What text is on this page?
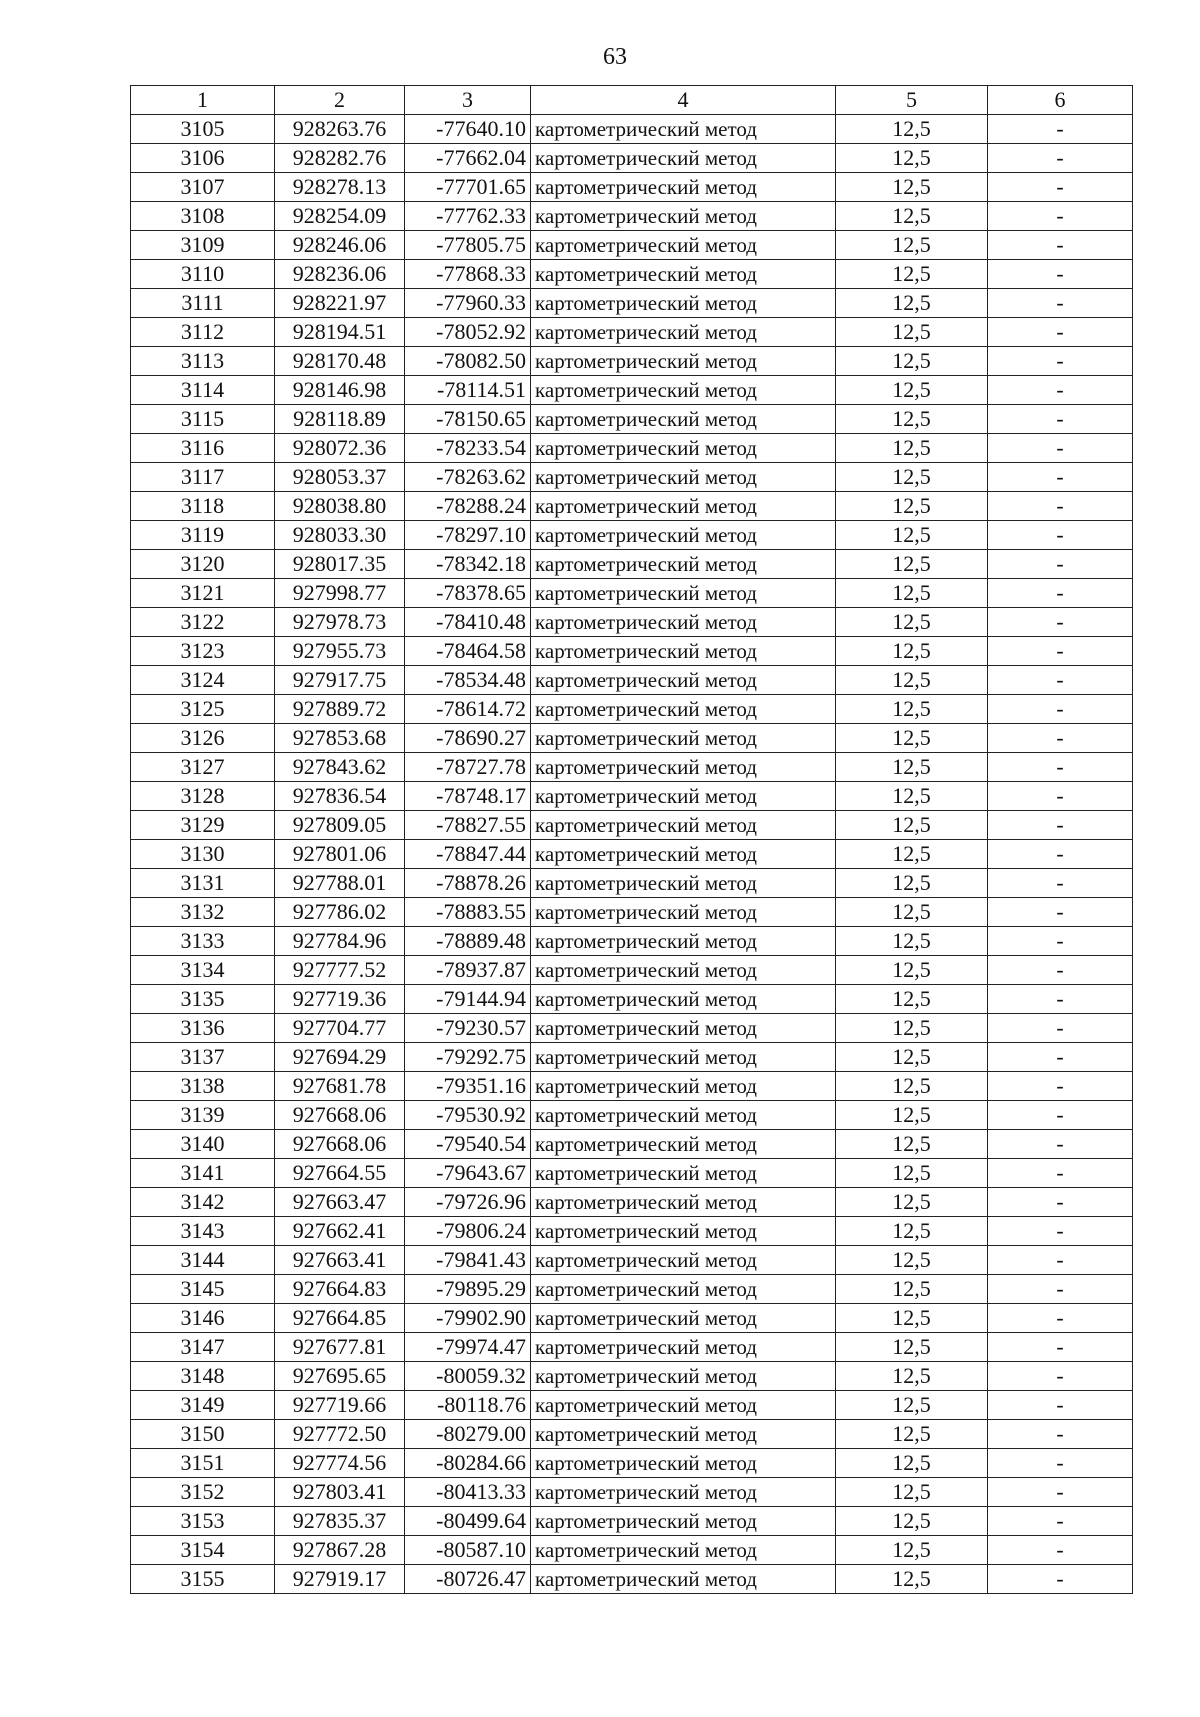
63
1	2	3	4	5	6
3105	928263.76	-77640.10	картометрический метод	12,5	-
3106	928282.76	-77662.04	картометрический метод	12,5	-
3107	928278.13	-77701.65	картометрический метод	12,5	-
3108	928254.09	-77762.33	картометрический метод	12,5	-
3109	928246.06	-77805.75	картометрический метод	12,5	-
3110	928236.06	-77868.33	картометрический метод	12,5	-
3111	928221.97	-77960.33	картометрический метод	12,5	-
3112	928194.51	-78052.92	картометрический метод	12,5	-
3113	928170.48	-78082.50	картометрический метод	12,5	-
3114	928146.98	-78114.51	картометрический метод	12,5	-
3115	928118.89	-78150.65	картометрический метод	12,5	-
3116	928072.36	-78233.54	картометрический метод	12,5	-
3117	928053.37	-78263.62	картометрический метод	12,5	-
3118	928038.80	-78288.24	картометрический метод	12,5	-
3119	928033.30	-78297.10	картометрический метод	12,5	-
3120	928017.35	-78342.18	картометрический метод	12,5	-
3121	927998.77	-78378.65	картометрический метод	12,5	-
3122	927978.73	-78410.48	картометрический метод	12,5	-
3123	927955.73	-78464.58	картометрический метод	12,5	-
3124	927917.75	-78534.48	картометрический метод	12,5	-
3125	927889.72	-78614.72	картометрический метод	12,5	-
3126	927853.68	-78690.27	картометрический метод	12,5	-
3127	927843.62	-78727.78	картометрический метод	12,5	-
3128	927836.54	-78748.17	картометрический метод	12,5	-
3129	927809.05	-78827.55	картометрический метод	12,5	-
3130	927801.06	-78847.44	картометрический метод	12,5	-
3131	927788.01	-78878.26	картометрический метод	12,5	-
3132	927786.02	-78883.55	картометрический метод	12,5	-
3133	927784.96	-78889.48	картометрический метод	12,5	-
3134	927777.52	-78937.87	картометрический метод	12,5	-
3135	927719.36	-79144.94	картометрический метод	12,5	-
3136	927704.77	-79230.57	картометрический метод	12,5	-
3137	927694.29	-79292.75	картометрический метод	12,5	-
3138	927681.78	-79351.16	картометрический метод	12,5	-
3139	927668.06	-79530.92	картометрический метод	12,5	-
3140	927668.06	-79540.54	картометрический метод	12,5	-
3141	927664.55	-79643.67	картометрический метод	12,5	-
3142	927663.47	-79726.96	картометрический метод	12,5	-
3143	927662.41	-79806.24	картометрический метод	12,5	-
3144	927663.41	-79841.43	картометрический метод	12,5	-
3145	927664.83	-79895.29	картометрический метод	12,5	-
3146	927664.85	-79902.90	картометрический метод	12,5	-
3147	927677.81	-79974.47	картометрический метод	12,5	-
3148	927695.65	-80059.32	картометрический метод	12,5	-
3149	927719.66	-80118.76	картометрический метод	12,5	-
3150	927772.50	-80279.00	картометрический метод	12,5	-
3151	927774.56	-80284.66	картометрический метод	12,5	-
3152	927803.41	-80413.33	картометрический метод	12,5	-
3153	927835.37	-80499.64	картометрический метод	12,5	-
3154	927867.28	-80587.10	картометрический метод	12,5	-
3155	927919.17	-80726.47	картометрический метод	12,5	-
